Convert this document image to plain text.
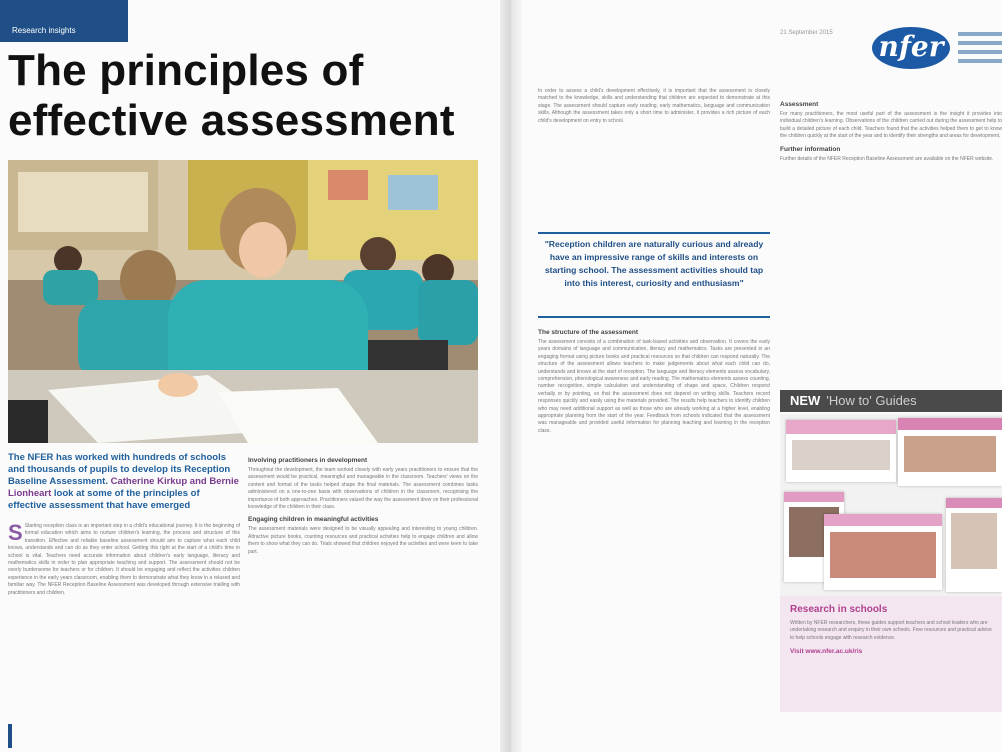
Research insights
The principles of effective assessment

The NFER has worked with hundreds of schools and thousands of pupils to develop its Reception Baseline Assessment. Catherine Kirkup and Bernie Lionheart look at some of the principles of effective assessment that have emerged

S Starting reception class is an important step in a child's educational journey. It is the beginning of formal education which aims to nurture children's learning, the process and structure of this transition. Effective and reliable baseline assessment should aim to capture what each child knows, understands and can do as they enter school. Getting this right at the start of a child's time in school is vital. Teachers need accurate information about children's early language, literacy and mathematics skills in order to plan appropriate teaching and support. The assessment should not be overly burdensome for teachers or for children. It should be engaging and reflect the activities children experience in the early years classroom, enabling them to demonstrate what they know in a relaxed and familiar way. The NFER Reception Baseline Assessment was developed through extensive trialling with practitioners and children.
Involving practitioners in development
Throughout the development, the team worked closely with early years practitioners to ensure that the assessment would be practical, meaningful and manageable in the classroom. Teachers' views on the content and format of the tasks helped shape the final materials. The assessment combines tasks administered on a one-to-one basis with observations of children in the classroom, recognising the importance of both approaches. Practitioners valued the way the assessment drew on their professional knowledge of the children in their class.
Engaging children in meaningful activities
The assessment materials were designed to be visually appealing and interesting to young children. Attractive picture books, counting resources and practical activities help to engage children and allow them to show what they can do. Trials showed that children enjoyed the activities and were keen to take part.
21 September 2015 nfer
In order to assess a child's development effectively, it is important that the assessment is closely matched to the knowledge, skills and understanding that children are expected to demonstrate at this stage. The assessment should capture early reading, early mathematics, language and communication skills. Although the assessment takes only a short time to administer, it provides a rich picture of each child's development on entry to school.
"Reception children are naturally curious and already have an impressive range of skills and interests on starting school. The assessment activities should tap into this interest, curiosity and enthusiasm"
The structure of the assessment
The assessment consists of a combination of task-based activities and observation. It covers the early years domains of language and communication, literacy and mathematics. Tasks are presented in an engaging format using picture books and practical resources so that children can respond naturally. The structure of the assessment allows teachers to make judgements about what each child can do, understands and knows at the start of reception. The language and literacy elements assess vocabulary, comprehension, phonological awareness and early reading. The mathematics elements assess counting, number recognition, simple calculation and understanding of shape and space. Children respond verbally or by pointing, so that the assessment does not depend on writing skills. Teachers record responses quickly and easily using the materials provided. The results help teachers to identify children who may need additional support as well as those who are already working at a higher level, enabling appropriate planning from the start of the year. Feedback from schools indicated that the assessment was manageable and provided useful information for planning teaching and learning in the reception class.
Assessment
For many practitioners, the most useful part of the assessment is the insight it provides into individual children's learning. Observations of the children carried out during the assessment help to build a detailed picture of each child. Teachers found that the activities helped them to get to know the children quickly at the start of the year and to identify their strengths and areas for development.
Further information
Further details of the NFER Reception Baseline Assessment are available on the NFER website.
NEW 'How to' Guides
Research in schools
Written by NFER researchers, these guides support teachers and school leaders who are undertaking research and enquiry in their own schools. Free resources and practical advice to help schools engage with research evidence.
Visit www.nfer.ac.uk/ris
